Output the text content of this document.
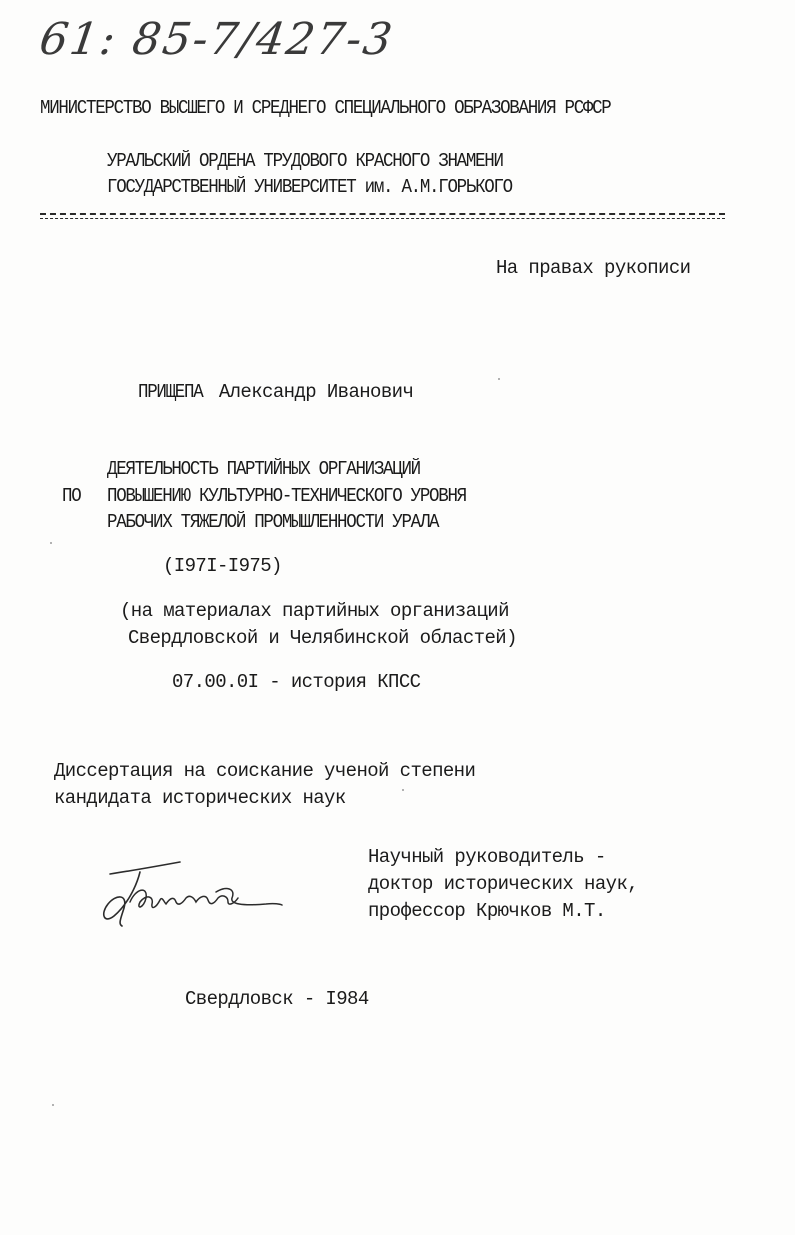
61: 85-7/427-3
МИНИСТЕРСТВО ВЫСШЕГО И СРЕДНЕГО СПЕЦИАЛЬНОГО ОБРАЗОВАНИЯ РСФСР
УРАЛЬСКИЙ ОРДЕНА ТРУДОВОГО КРАСНОГО ЗНАМЕНИ
ГОСУДАРСТВЕННЫЙ УНИВЕРСИТЕТ им. А.М.ГОРЬКОГО
На правах рукописи
ПРИЩЕПА Александр Иванович
ДЕЯТЕЛЬНОСТЬ ПАРТИЙНЫХ ОРГАНИЗАЦИЙ
ПО ПОВЫШЕНИЮ КУЛЬТУРНО-ТЕХНИЧЕСКОГО УРОВНЯ
РАБОЧИХ ТЯЖЕЛОЙ ПРОМЫШЛЕННОСТИ УРАЛА
(I97I-I975)
(на материалах партийных организаций
Свердловской и Челябинской областей)
07.00.0I - история КПСС
Диссертация на соискание ученой степени
кандидата исторических наук
Научный руководитель -
доктор исторических наук,
профессор Крючков М.Т.
Свердловск - I984
